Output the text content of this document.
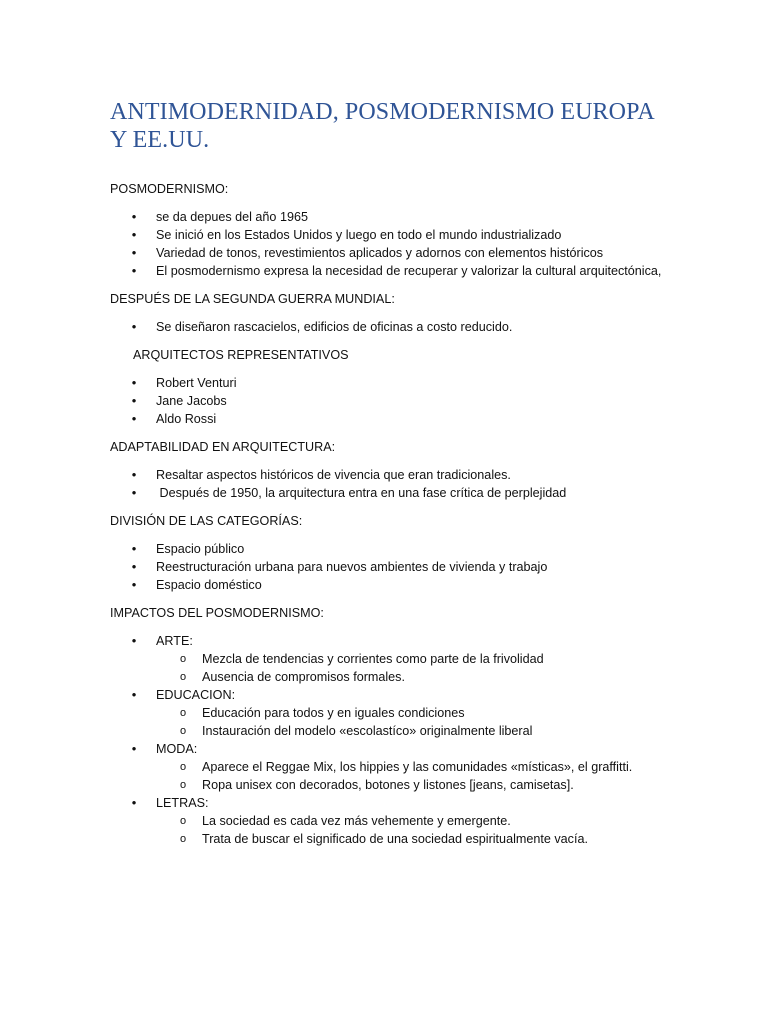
ANTIMODERNIDAD, POSMODERNISMO EUROPA Y EE.UU.

POSMODERNISMO:

• se da depues del año 1965
• Se inició en los Estados Unidos y luego en todo el mundo industrializado
• Variedad de tonos, revestimientos aplicados y adornos con elementos históricos
• El posmodernismo expresa la necesidad de recuperar y valorizar la cultural arquitectónica,

DESPUÉS DE LA SEGUNDA GUERRA MUNDIAL:

• Se diseñaron rascacielos, edificios de oficinas a costo reducido.

ARQUITECTOS REPRESENTATIVOS

• Robert Venturi
• Jane Jacobs
• Aldo Rossi

ADAPTABILIDAD EN ARQUITECTURA:

• Resaltar aspectos históricos de vivencia que eran tradicionales.
• Después de 1950, la arquitectura entra en una fase crítica de perplejidad

DIVISIÓN DE LAS CATEGORÍAS:

• Espacio público
• Reestructuración urbana para nuevos ambientes de vivienda y trabajo
• Espacio doméstico

IMPACTOS DEL POSMODERNISMO:

• ARTE:
o Mezcla de tendencias y corrientes como parte de la frivolidad
o Ausencia de compromisos formales.
• EDUCACION:
o Educación para todos y en iguales condiciones
o Instauración del modelo «escolastíco» originalmente liberal
• MODA:
o Aparece el Reggae Mix, los hippies y las comunidades «místicas», el graffitti.
o Ropa unisex con decorados, botones y listones [jeans, camisetas].
• LETRAS:
o La sociedad es cada vez más vehemente y emergente.
o Trata de buscar el significado de una sociedad espiritualmente vacía.
